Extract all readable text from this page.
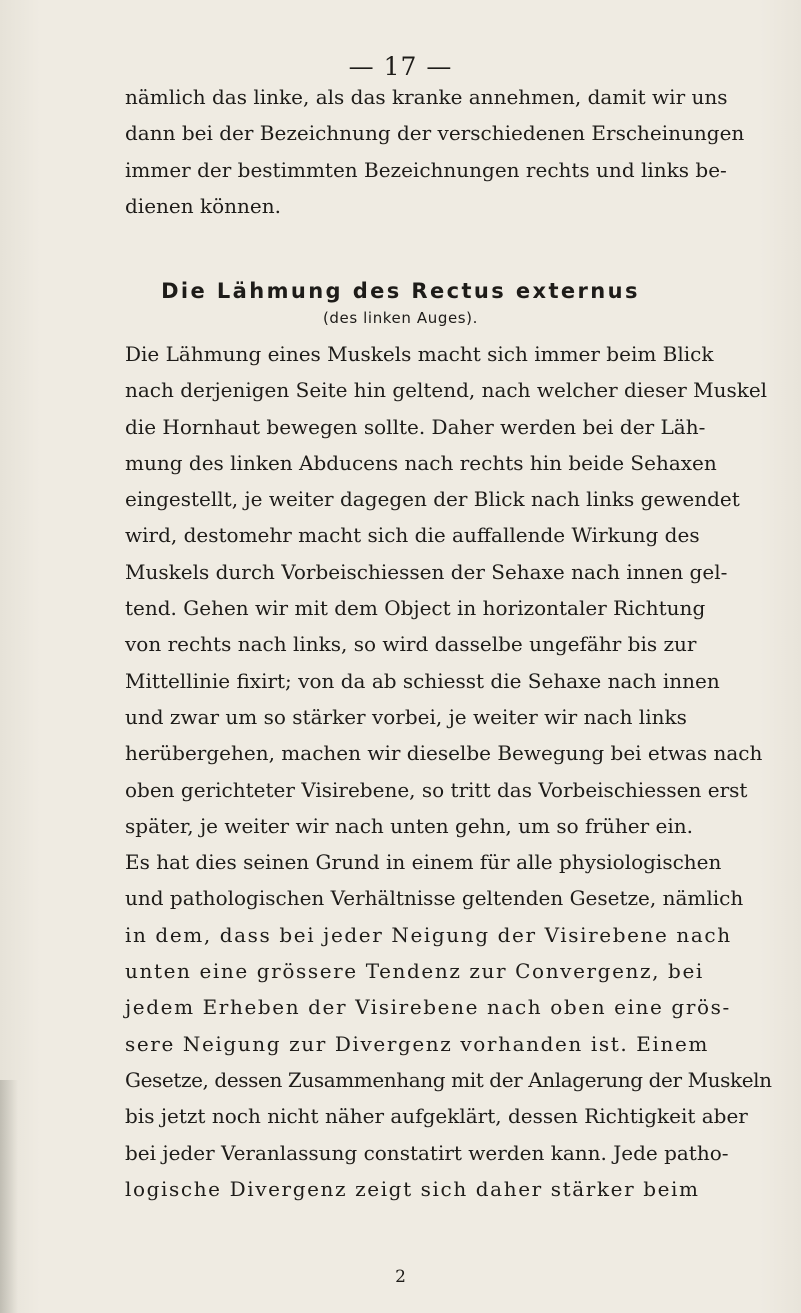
— 17 —
nämlich das linke, als das kranke annehmen, damit wir uns
dann bei der Bezeichnung der verschiedenen Erscheinungen
immer der bestimmten Bezeichnungen rechts und links be-
dienen können.
Die Lähmung des Rectus externus
(des linken Auges).
Die Lähmung eines Muskels macht sich immer beim Blick
nach derjenigen Seite hin geltend, nach welcher dieser Muskel
die Hornhaut bewegen sollte. Daher werden bei der Läh-
mung des linken Abducens nach rechts hin beide Sehaxen
eingestellt, je weiter dagegen der Blick nach links gewendet
wird, destomehr macht sich die auffallende Wirkung des
Muskels durch Vorbeischiessen der Sehaxe nach innen gel-
tend. Gehen wir mit dem Object in horizontaler Richtung
von rechts nach links, so wird dasselbe ungefähr bis zur
Mittellinie fixirt; von da ab schiesst die Sehaxe nach innen
und zwar um so stärker vorbei, je weiter wir nach links
herübergehen, machen wir dieselbe Bewegung bei etwas nach
oben gerichteter Visirebene, so tritt das Vorbeischiessen erst
später, je weiter wir nach unten gehn, um so früher ein.
Es hat dies seinen Grund in einem für alle physiologischen
und pathologischen Verhältnisse geltenden Gesetze, nämlich
in dem, dass bei jeder Neigung der Visirebene nach
unten eine grössere Tendenz zur Convergenz, bei
jedem Erheben der Visirebene nach oben eine grös-
sere Neigung zur Divergenz vorhanden ist. Einem
Gesetze, dessen Zusammenhang mit der Anlagerung der Muskeln
bis jetzt noch nicht näher aufgeklärt, dessen Richtigkeit aber
bei jeder Veranlassung constatirt werden kann. Jede patho-
logische Divergenz zeigt sich daher stärker beim
2
